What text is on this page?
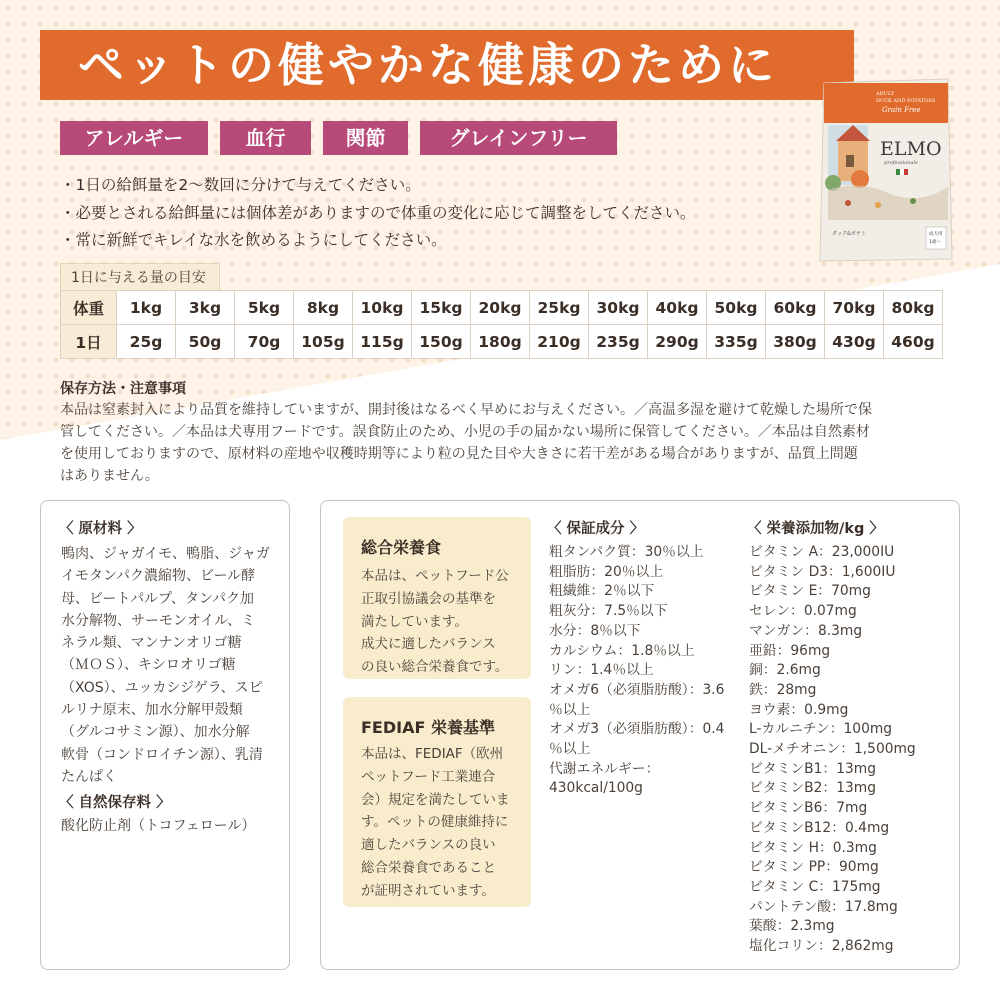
ペットの健やかな健康のために
アレルギー	血行	関節	グレインフリー
・1日の給餌量を2〜数回に分けて与えてください。
・必要とされる給餌量には個体差がありますので体重の変化に応じて調整をしてください。
・常に新鮮でキレイな水を飲めるようにしてください。
ADULT
DUCK AND POTATOES
Grain Free
ELMO
professionale
ダック&ポテト	成犬用
1歳〜
1日に与える量の目安
体重	1kg	3kg	5kg	8kg	10kg	15kg	20kg	25kg	30kg	40kg	50kg	60kg	70kg	80kg
1日	25g	50g	70g	105g	115g	150g	180g	210g	235g	290g	335g	380g	430g	460g
保存方法・注意事項
本品は窒素封入により品質を維持していますが、開封後はなるべく早めにお与えください。／高温多湿を避けて乾燥した場所で保
管してください。／本品は犬専用フードです。誤食防止のため、小児の手の届かない場所に保管してください。／本品は自然素材
を使用しておりますので、原材料の産地や収穫時期等により粒の見た目や大きさに若干差がある場合がありますが、品質上問題
はありません。
〈 原材料 〉
鴨肉、ジャガイモ、鴨脂、ジャガ
イモタンパク濃縮物、ビール酵
母、ビートパルプ、タンパク加
水分解物、サーモンオイル、ミ
ネラル類、マンナンオリゴ糖
（ＭＯＳ）、キシロオリゴ糖
（XOS）、ユッカシジゲラ、スピ
ルリナ原末、加水分解甲殻類
（グルコサミン源）、加水分解
軟骨（コンドロイチン源）、乳清
たんぱく
〈 自然保存料 〉
酸化防止剤（トコフェロール）
総合栄養食
本品は、ペットフード公
正取引協議会の基準を
満たしています。
成犬に適したバランス
の良い総合栄養食です。
FEDIAF 栄養基準
本品は、FEDIAF（欧州
ペットフード工業連合
会）規定を満たしていま
す。ペットの健康維持に
適したバランスの良い
総合栄養食であること
が証明されています。
〈 保証成分 〉
粗タンパク質：30％以上
粗脂肪：20％以上
粗繊維：2％以下
粗灰分：7.5％以下
水分：8％以下
カルシウム：1.8％以上
リン：1.4％以上
オメガ6（必須脂肪酸）：3.6
％以上
オメガ3（必須脂肪酸）：0.4
％以上
代謝エネルギー：
430kcal/100g
〈 栄養添加物/kg 〉
ビタミン A：23,000IU
ビタミン D3：1,600IU
ビタミン E：70mg
セレン：0.07mg
マンガン：8.3mg
亜鉛：96mg
銅：2.6mg
鉄：28mg
ヨウ素：0.9mg
L-カルニチン：100mg
DL-メチオニン：1,500mg
ビタミンB1：13mg
ビタミンB2：13mg
ビタミンB6：7mg
ビタミンB12：0.4mg
ビタミン H：0.3mg
ビタミン PP：90mg
ビタミン C：175mg
パントテン酸：17.8mg
葉酸：2.3mg
塩化コリン：2,862mg
